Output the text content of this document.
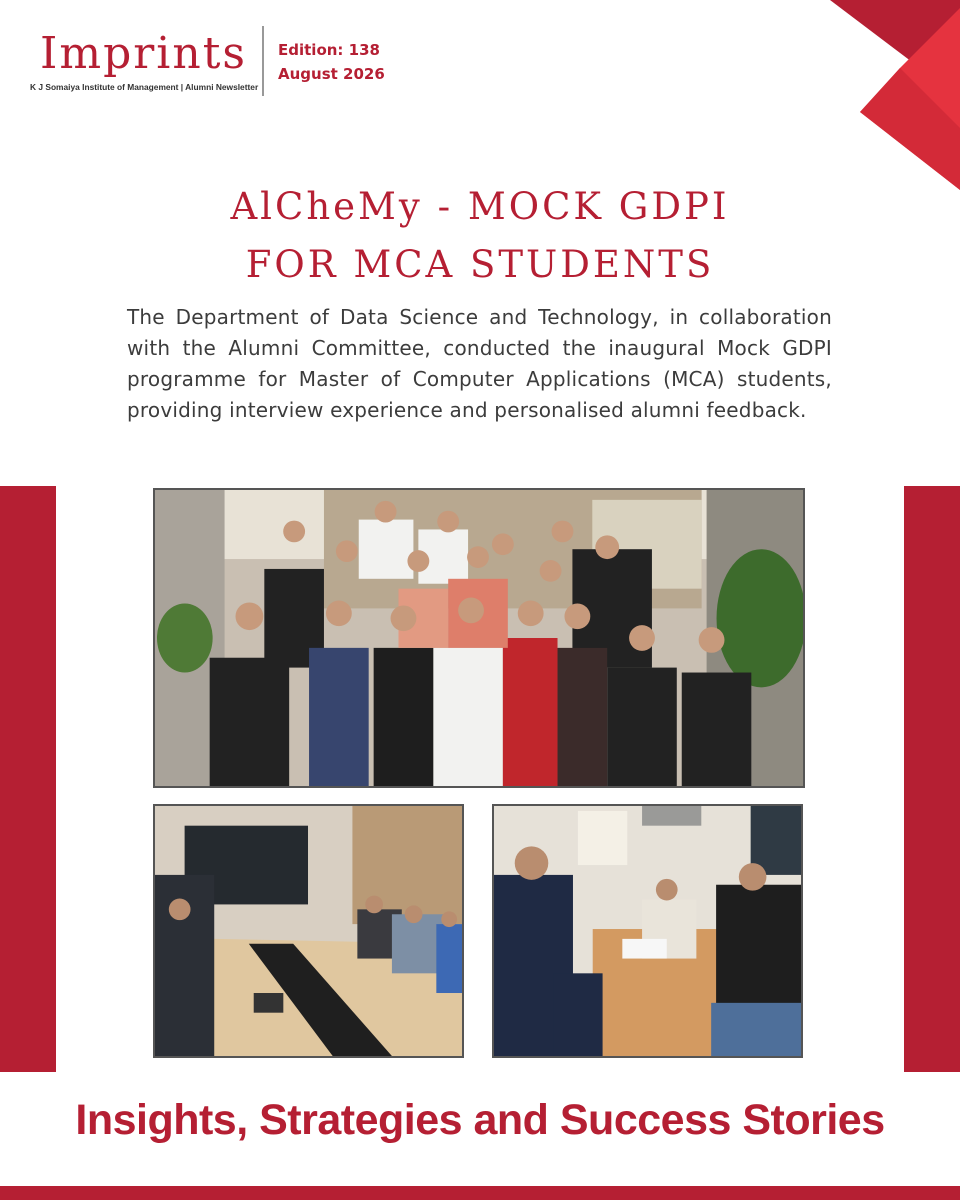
Imprints
K J Somaiya Institute of Management | Alumni Newsletter
Edition: 138
August 2026
AlCheMy - MOCK GDPI
FOR MCA STUDENTS
The Department of Data Science and Technology, in collaboration with the Alumni Committee, conducted the inaugural Mock GDPI programme for Master of Computer Applications (MCA) students, providing interview experience and personalised alumni feedback.
Insights, Strategies and Success Stories
